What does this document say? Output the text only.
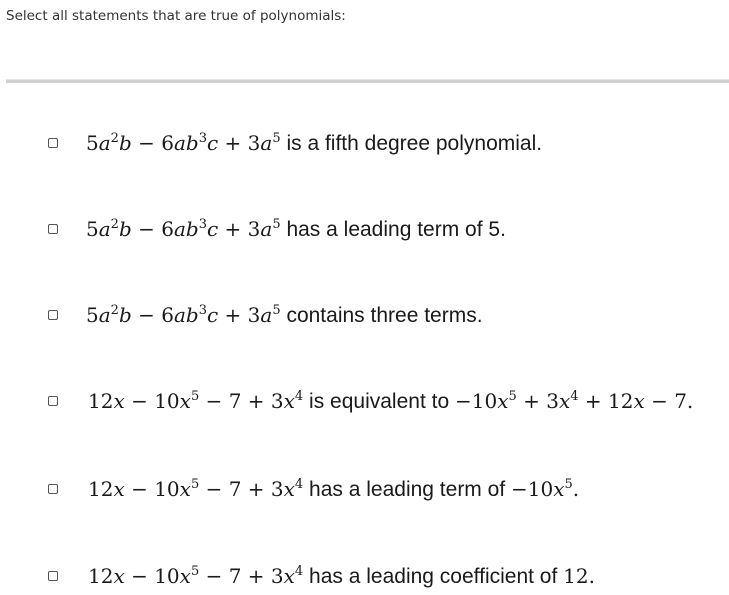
Select all statements that are true of polynomials:
$5a^2b - 6ab^3c + 3a^5$ is a fifth degree polynomial.
$5a^2b - 6ab^3c + 3a^5$ has a leading term of 5.
$5a^2b - 6ab^3c + 3a^5$ contains three terms.
$12x - 10x^5 - 7 + 3x^4$ is equivalent to $-10x^5 + 3x^4 + 12x - 7$.
$12x - 10x^5 - 7 + 3x^4$ has a leading term of $-10x^5$.
$12x - 10x^5 - 7 + 3x^4$ has a leading coefficient of 12.
